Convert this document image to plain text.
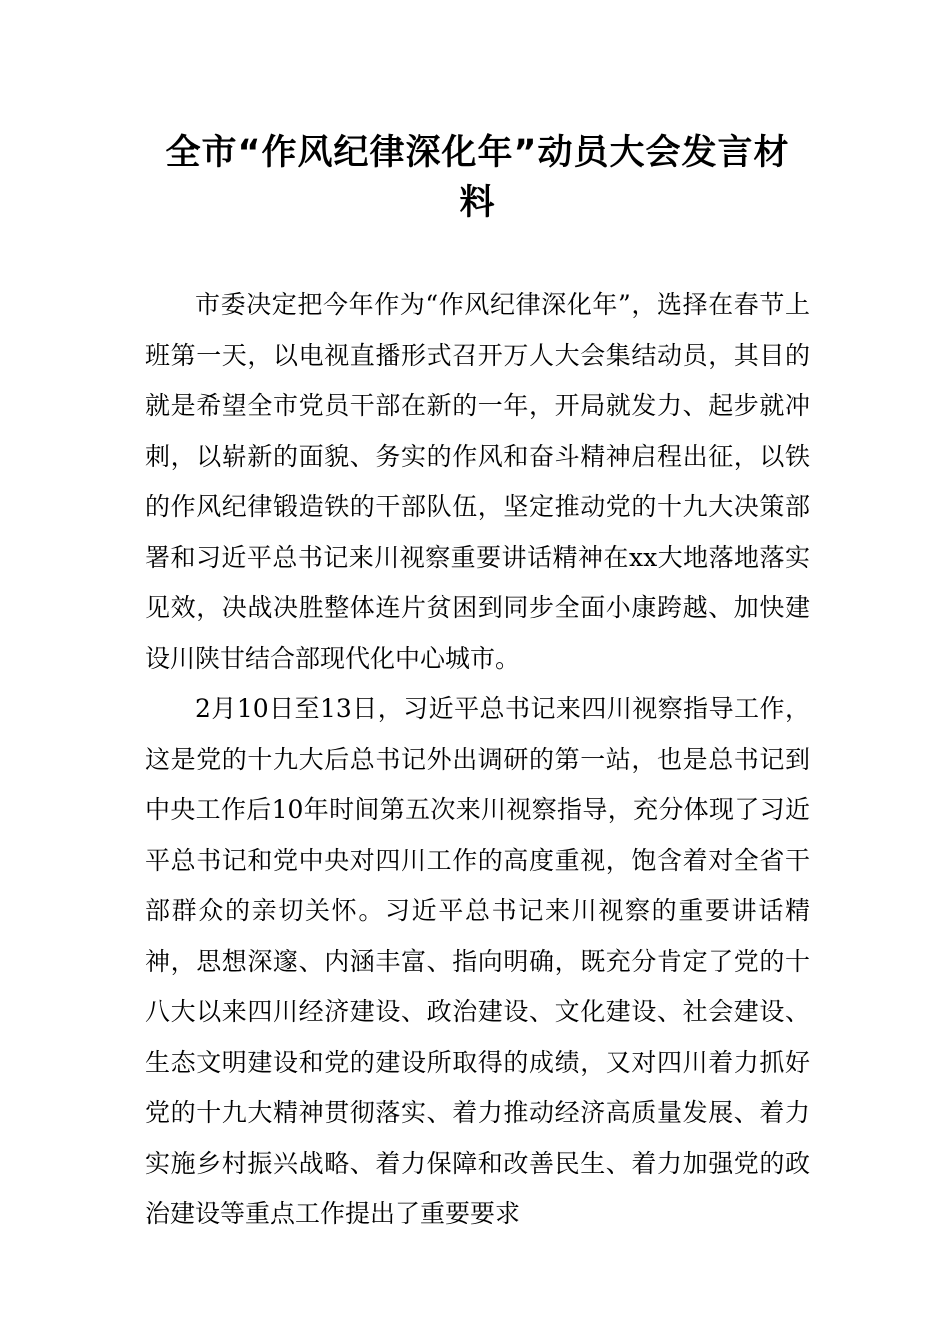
全市“作风纪律深化年”动员大会发言材料

市委决定把今年作为“作风纪律深化年”，选择在春节上班第一天，以电视直播形式召开万人大会集结动员，其目的就是希望全市党员干部在新的一年，开局就发力、起步就冲刺，以崭新的面貌、务实的作风和奋斗精神启程出征，以铁的作风纪律锻造铁的干部队伍，坚定推动党的十九大决策部署和习近平总书记来川视察重要讲话精神在xx大地落地落实见效，决战决胜整体连片贫困到同步全面小康跨越、加快建设川陕甘结合部现代化中心城市。

2月10日至13日，习近平总书记来四川视察指导工作，这是党的十九大后总书记外出调研的第一站，也是总书记到中央工作后10年时间第五次来川视察指导，充分体现了习近平总书记和党中央对四川工作的高度重视，饱含着对全省干部群众的亲切关怀。习近平总书记来川视察的重要讲话精神，思想深邃、内涵丰富、指向明确，既充分肯定了党的十八大以来四川经济建设、政治建设、文化建设、社会建设、生态文明建设和党的建设所取得的成绩，又对四川着力抓好党的十九大精神贯彻落实、着力推动经济高质量发展、着力实施乡村振兴战略、着力保障和改善民生、着力加强党的政治建设等重点工作提出了重要要求
